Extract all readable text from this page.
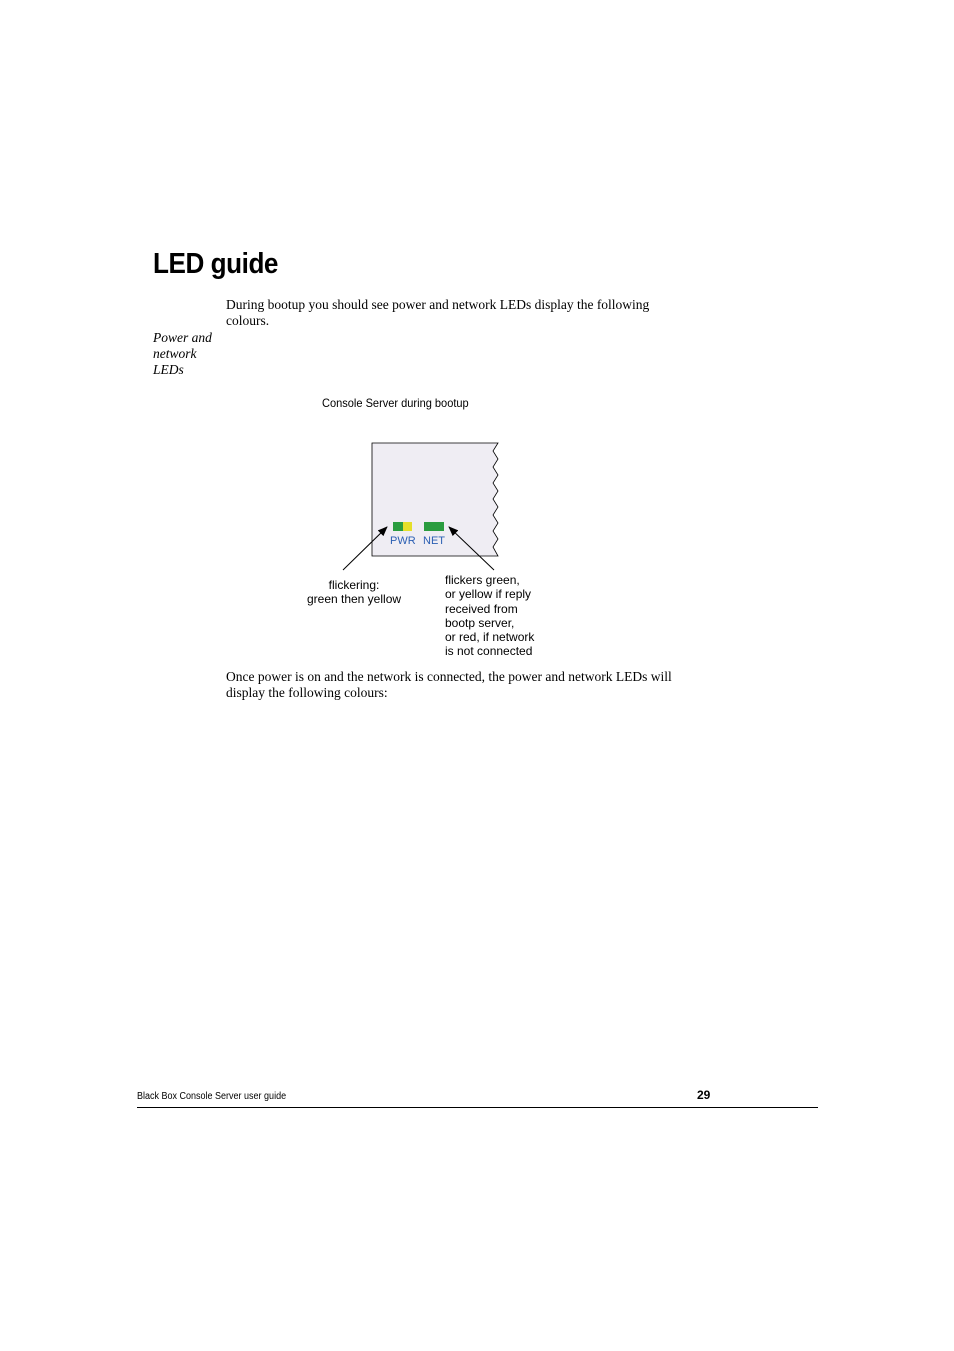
LED guide
During bootup you should see power and network LEDs display the following colours.
Power and network LEDs
Console Server during bootup
PWR NET
flickering:
green then yellow
flickers green,
or yellow if reply
received from
bootp server,
or red, if network
is not connected
Once power is on and the network is connected, the power and network LEDs will display the following colours:
Black Box Console Server user guide	29
